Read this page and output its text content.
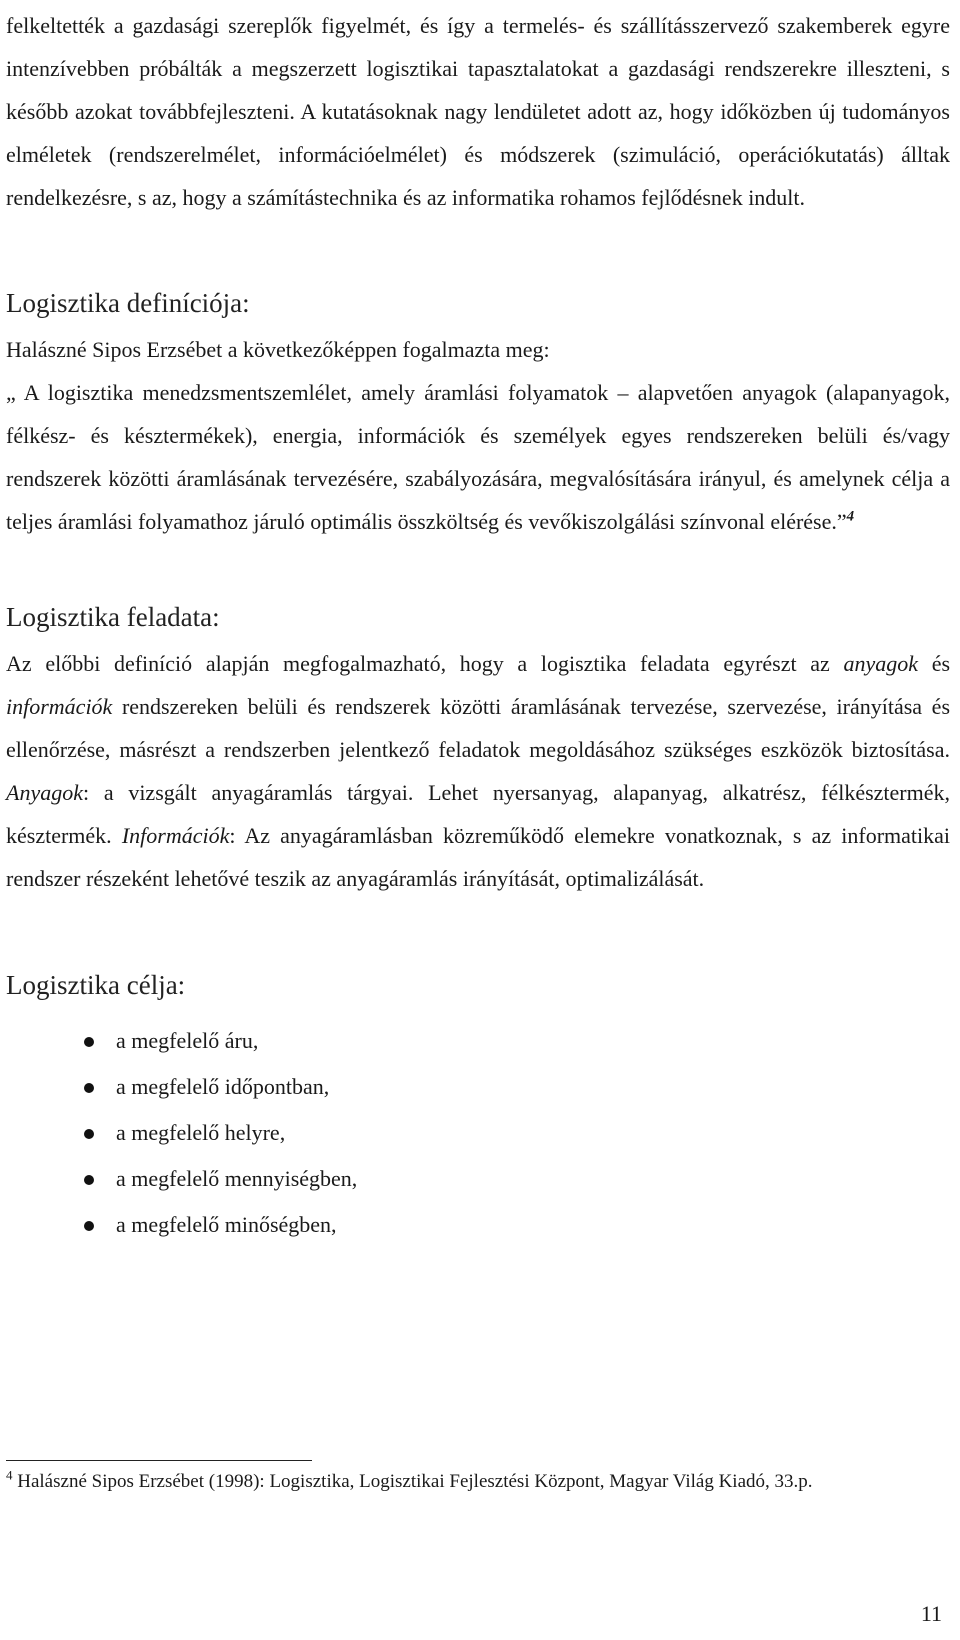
felkeltették a gazdasági szereplők figyelmét, és így a termelés- és szállításszervező szakemberek egyre intenzívebben próbálták a megszerzett logisztikai tapasztalatokat a gazdasági rendszerekre illeszteni, s később azokat továbbfejleszteni. A kutatásoknak nagy lendületet adott az, hogy időközben új tudományos elméletek (rendszerelmélet, információelmélet) és módszerek (szimuláció, operációkutatás) álltak rendelkezésre, s az, hogy a számítástechnika és az informatika rohamos fejlődésnek indult.

Logisztika definíciója:

Halászné Sipos Erzsébet a következőképpen fogalmazta meg:

„ A logisztika menedzsmentszemlélet, amely áramlási folyamatok – alapvetően anyagok (alapanyagok, félkész- és késztermékek), energia, információk és személyek egyes rendszereken belüli és/vagy rendszerek közötti áramlásának tervezésére, szabályozására, megvalósítására irányul, és amelynek célja a teljes áramlási folyamathoz járuló optimális összköltség és vevőkiszolgálási színvonal elérése.”$^4$

Logisztika feladata:

Az előbbi definíció alapján megfogalmazható, hogy a logisztika feladata egyrészt az anyagok és információk rendszereken belüli és rendszerek közötti áramlásának tervezése, szervezése, irányítása és ellenőrzése, másrészt a rendszerben jelentkező feladatok megoldásához szükséges eszközök biztosítása. Anyagok: a vizsgált anyagáramlás tárgyai. Lehet nyersanyag, alapanyag, alkatrész, félkésztermék, késztermék. Információk: Az anyagáramlásban közreműködő elemekre vonatkoznak, s az informatikai rendszer részeként lehetővé teszik az anyagáramlás irányítását, optimalizálását.

Logisztika célja:
a megfelelő áru,
a megfelelő időpontban,
a megfelelő helyre,
a megfelelő mennyiségben,
a megfelelő minőségben,
$^4$ Halászné Sipos Erzsébet (1998): Logisztika, Logisztikai Fejlesztési Központ, Magyar Világ Kiadó, 33.p.
11
